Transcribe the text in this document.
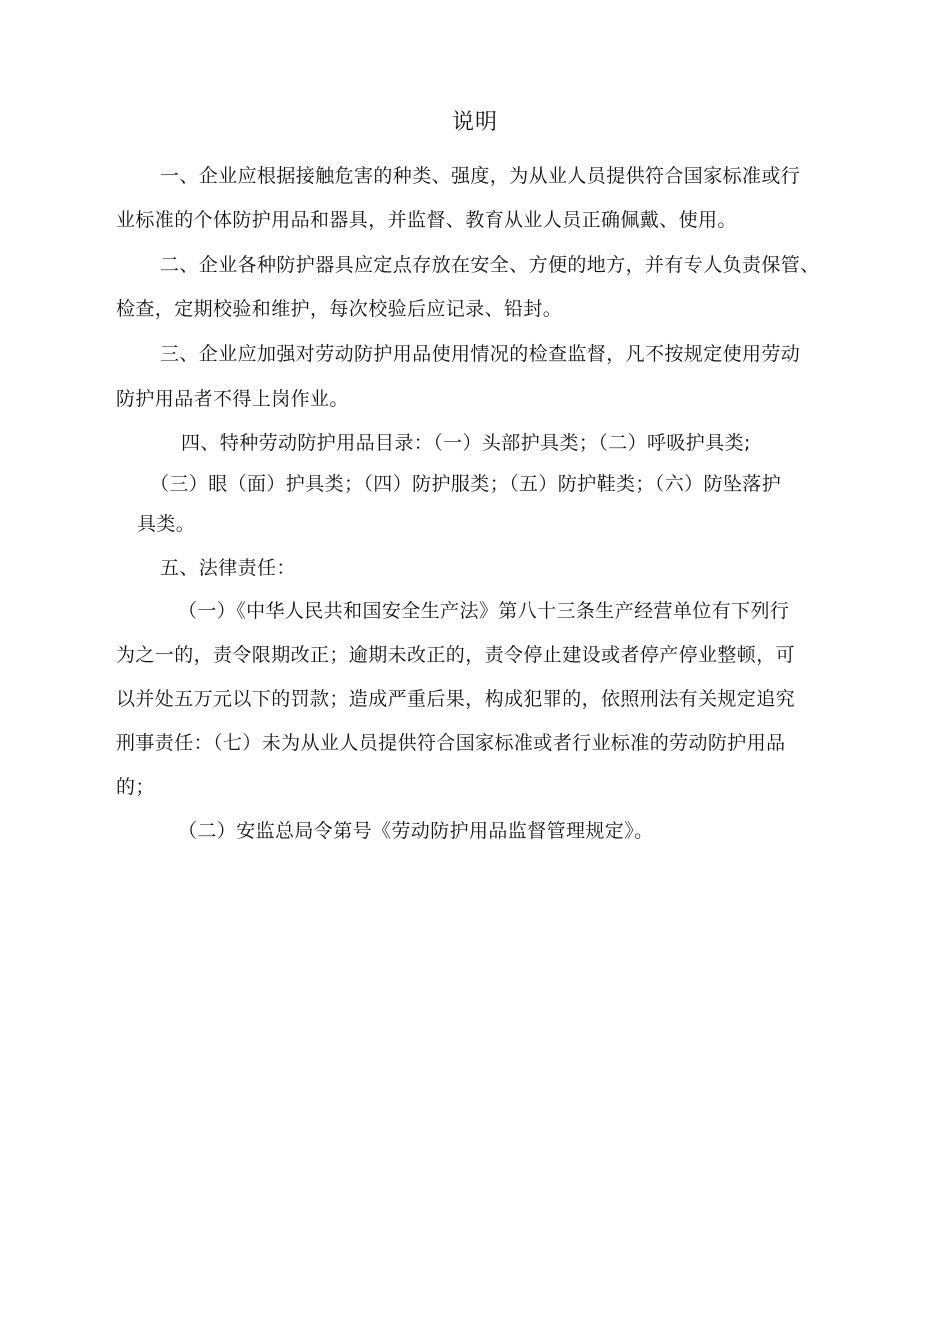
说明
一、企业应根据接触危害的种类、强度，为从业人员提供符合国家标准或行
业标准的个体防护用品和器具，并监督、教育从业人员正确佩戴、使用。
二、企业各种防护器具应定点存放在安全、方便的地方，并有专人负责保管、
检查，定期校验和维护，每次校验后应记录、铅封。
三、企业应加强对劳动防护用品使用情况的检查监督，凡不按规定使用劳动
防护用品者不得上岗作业。
四、特种劳动防护用品目录：（一）头部护具类；（二）呼吸护具类;
（三）眼（面）护具类；（四）防护服类；（五）防护鞋类；（六）防坠落护
具类。
五、法律责任：
（一）《中华人民共和国安全生产法》第八十三条生产经营单位有下列行
为之一的，责令限期改正；逾期未改正的，责令停止建设或者停产停业整顿，可
以并处五万元以下的罚款；造成严重后果，构成犯罪的，依照刑法有关规定追究
刑事责任：（七）未为从业人员提供符合国家标准或者行业标准的劳动防护用品
的；
（二）安监总局令第号《劳动防护用品监督管理规定》。
